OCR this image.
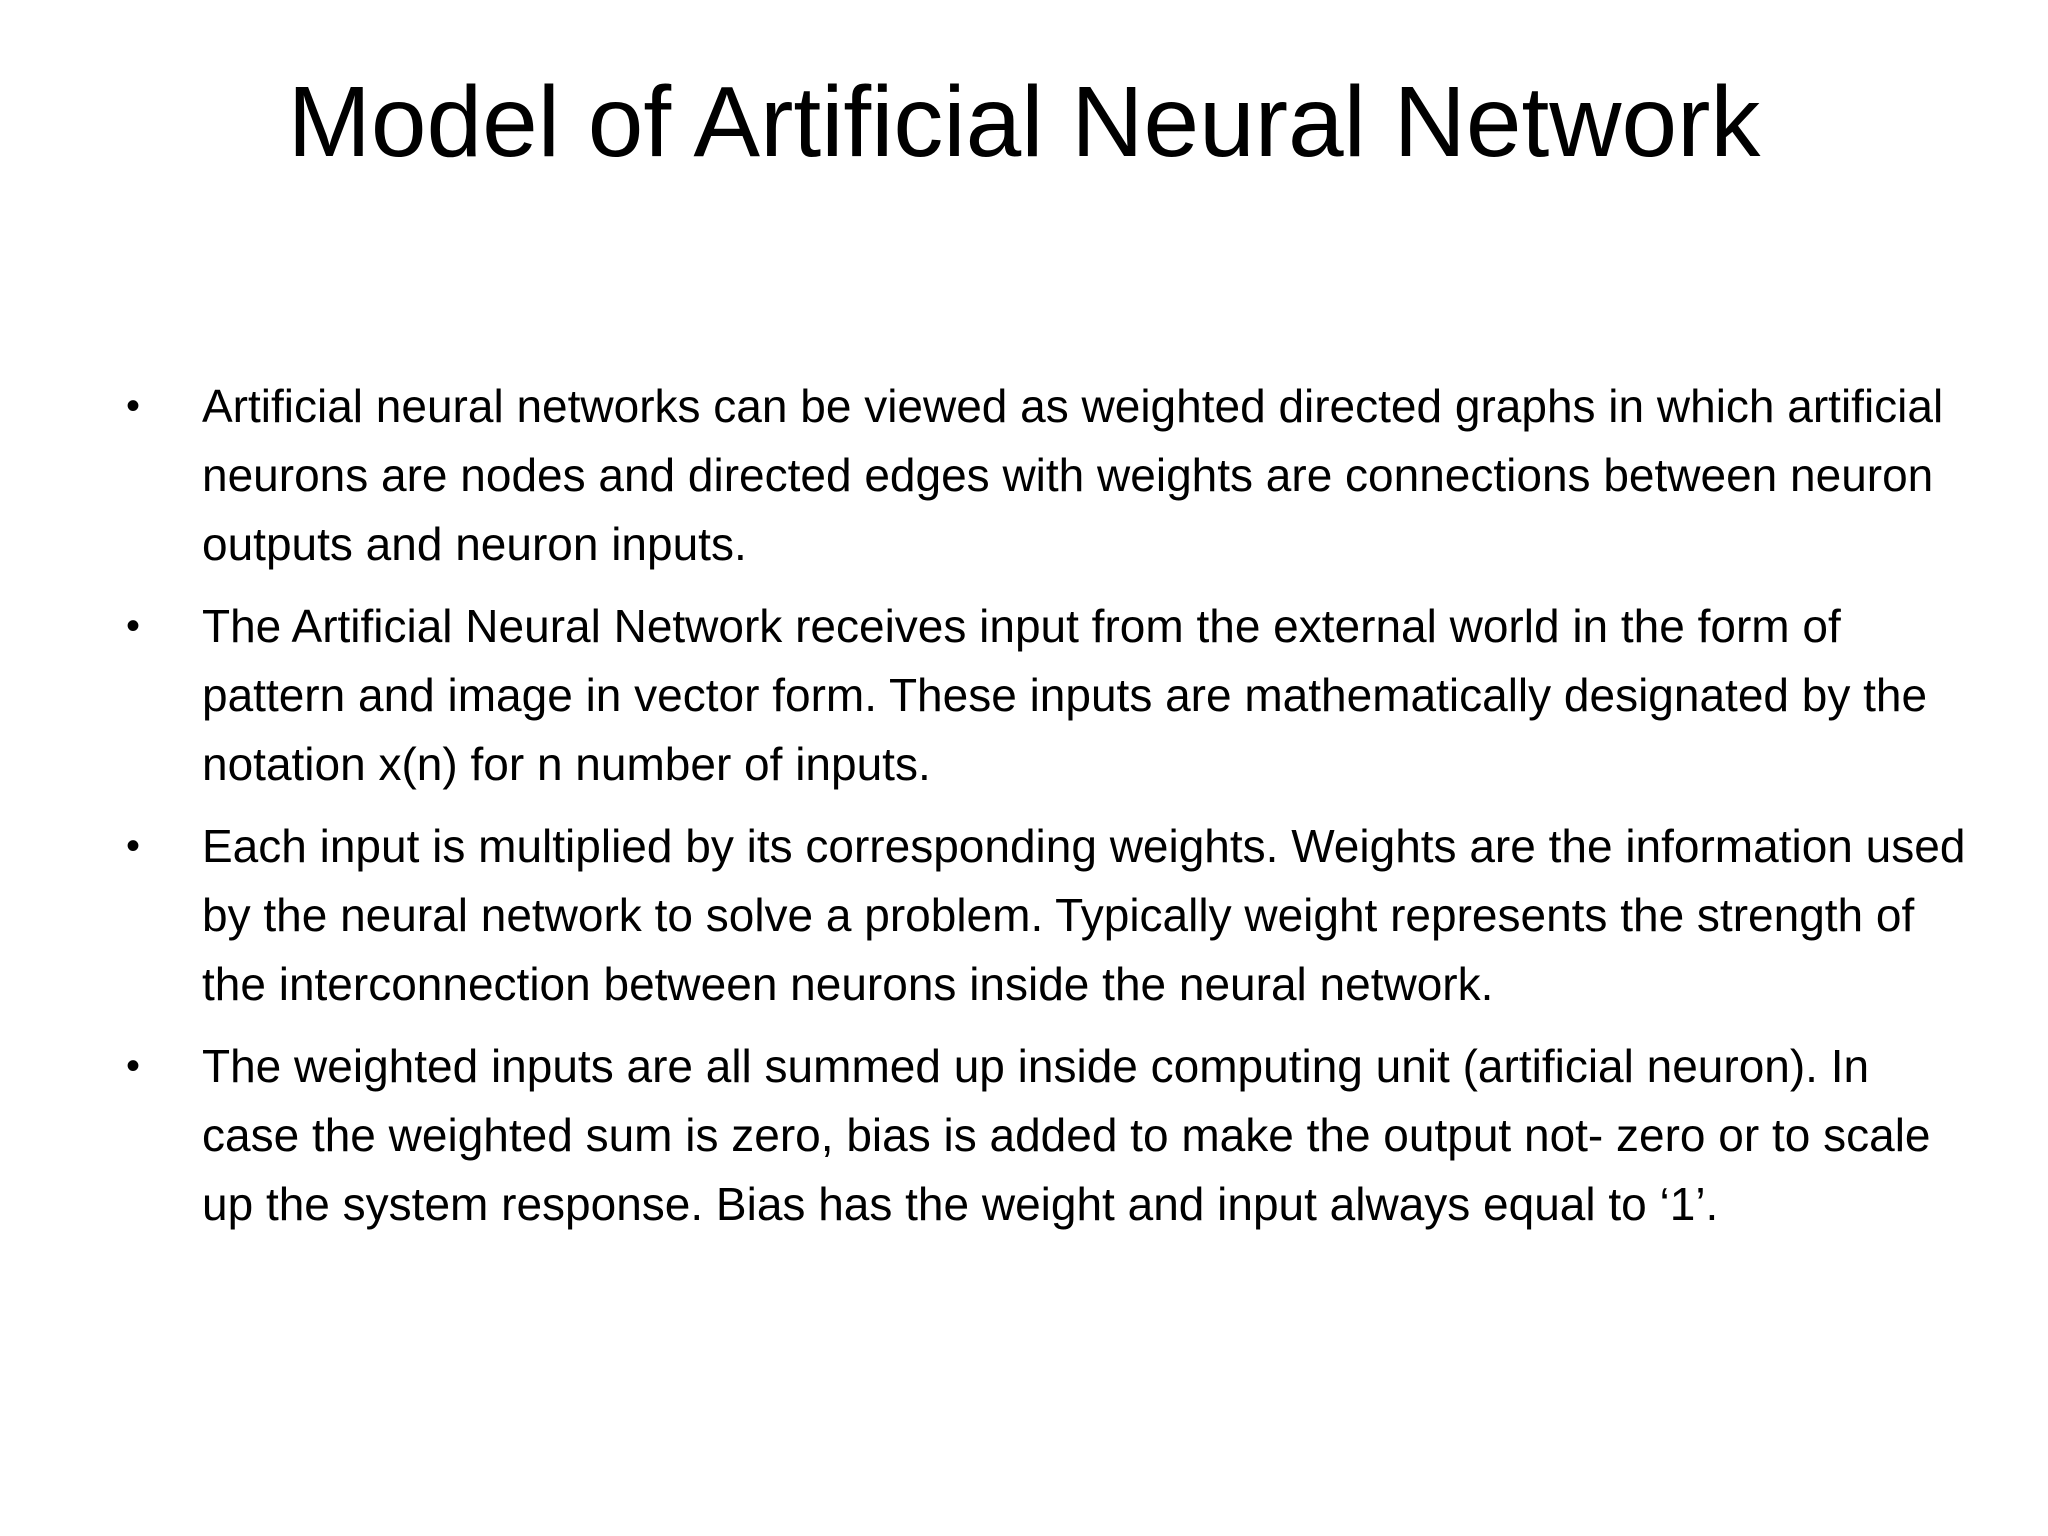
Model of Artificial Neural Network
• Artificial neural networks can be viewed as weighted directed graphs in which artificial neurons are nodes and directed edges with weights are connections between neuron outputs and neuron inputs.
• The Artificial Neural Network receives input from the external world in the form of pattern and image in vector form. These inputs are mathematically designated by the notation x(n) for n number of inputs.
• Each input is multiplied by its corresponding weights. Weights are the information used by the neural network to solve a problem. Typically weight represents the strength of the interconnection between neurons inside the neural network.
• The weighted inputs are all summed up inside computing unit (artificial neuron). In case the weighted sum is zero, bias is added to make the output not- zero or to scale up the system response. Bias has the weight and input always equal to ‘1’.
